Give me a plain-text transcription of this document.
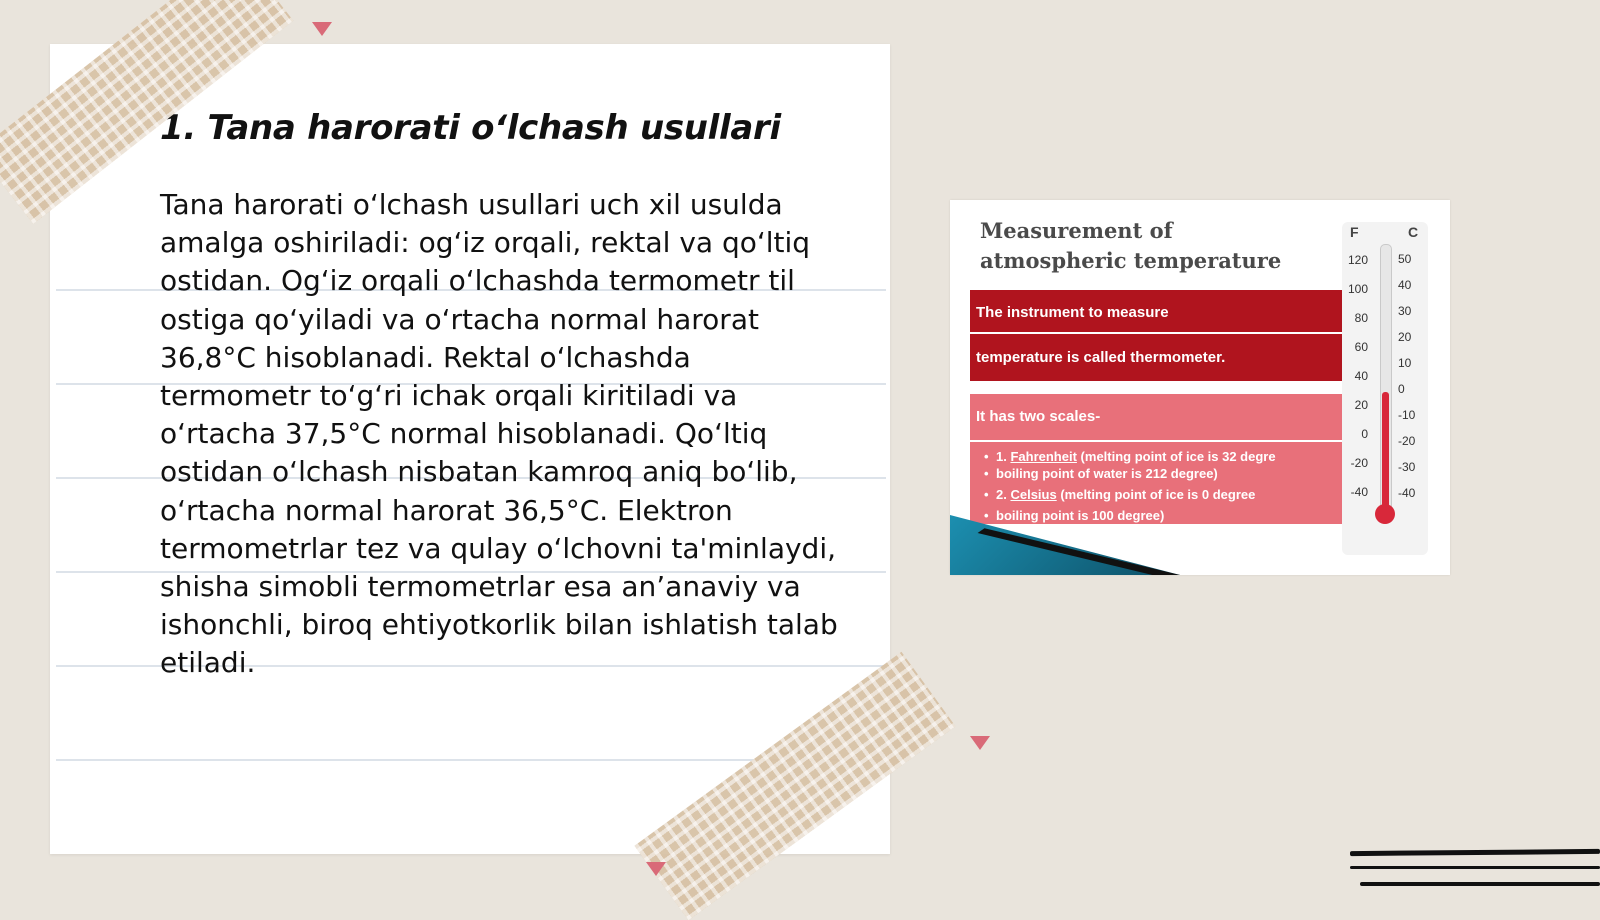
1. Tana harorati o‘lchash usullari

Tana harorati o‘lchash usullari uch xil usulda amalga oshiriladi: og‘iz orqali, rektal va qo‘ltiq ostidan. Og‘iz orqali o‘lchashda termometr til ostiga qo‘yiladi va o‘rtacha normal harorat 36,8°C hisoblanadi. Rektal o‘lchashda termometr to‘g‘ri ichak orqali kiritiladi va o‘rtacha 37,5°C normal hisoblanadi. Qo‘ltiq ostidan o‘lchash nisbatan kamroq aniq bo‘lib, o‘rtacha normal harorat 36,5°C. Elektron termometrlar tez va qulay o‘lchovni ta'minlaydi, shisha simobli termometrlar esa an’anaviy va ishonchli, biroq ehtiyotkorlik bilan ishlatish talab etiladi.

Measurement of atmospheric temperature
The instrument to measure
temperature is called thermometer.
It has two scales-
• 1. Fahrenheit (melting point of ice is 32 degre
• boiling point of water is 212 degree)
• 2. Celsius (melting point of ice is 0 degree
• boiling point is 100 degree)
F	C
120
100
80
60
40
20
0
-20
-40
50
40
30
20
10
0
-10
-20
-30
-40
